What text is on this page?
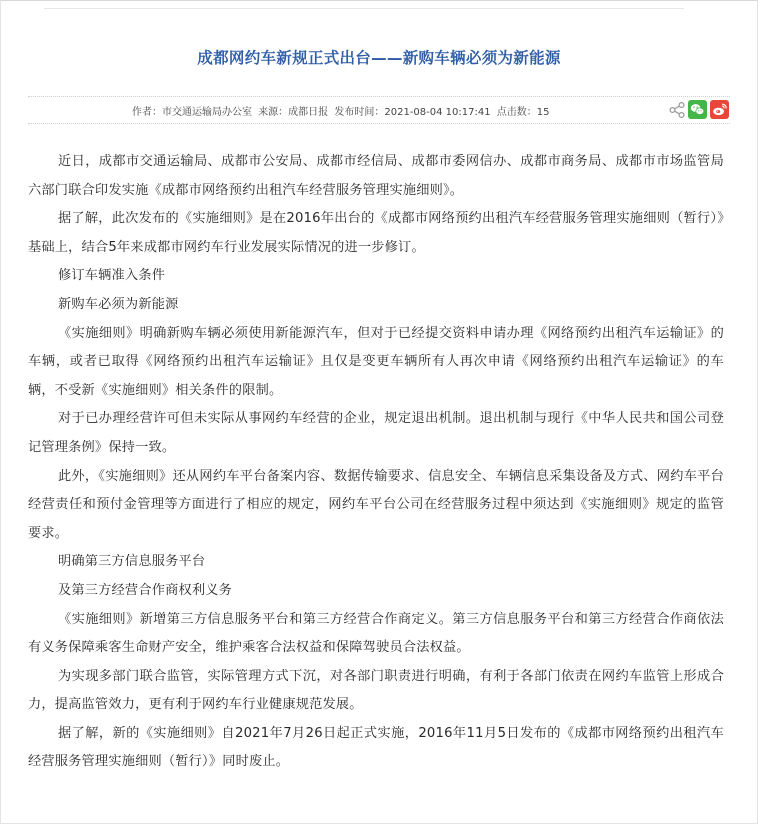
成都网约车新规正式出台——新购车辆必须为新能源
作者：市交通运输局办公室 来源：成都日报 发布时间：2021-08-04 10:17:41 点击数：15

近日，成都市交通运输局、成都市公安局、成都市经信局、成都市委网信办、成都市商务局、成都市市场监管局六部门联合印发实施《成都市网络预约出租汽车经营服务管理实施细则》。

据了解，此次发布的《实施细则》是在2016年出台的《成都市网络预约出租汽车经营服务管理实施细则（暂行）》基础上，结合5年来成都市网约车行业发展实际情况的进一步修订。

修订车辆准入条件

新购车必须为新能源

《实施细则》明确新购车辆必须使用新能源汽车，但对于已经提交资料申请办理《网络预约出租汽车运输证》的车辆，或者已取得《网络预约出租汽车运输证》且仅是变更车辆所有人再次申请《网络预约出租汽车运输证》的车辆，不受新《实施细则》相关条件的限制。

对于已办理经营许可但未实际从事网约车经营的企业，规定退出机制。退出机制与现行《中华人民共和国公司登记管理条例》保持一致。

此外，《实施细则》还从网约车平台备案内容、数据传输要求、信息安全、车辆信息采集设备及方式、网约车平台经营责任和预付金管理等方面进行了相应的规定，网约车平台公司在经营服务过程中须达到《实施细则》规定的监管要求。

明确第三方信息服务平台

及第三方经营合作商权利义务

《实施细则》新增第三方信息服务平台和第三方经营合作商定义。第三方信息服务平台和第三方经营合作商依法有义务保障乘客生命财产安全，维护乘客合法权益和保障驾驶员合法权益。

为实现多部门联合监管，实际管理方式下沉，对各部门职责进行明确，有利于各部门依责在网约车监管上形成合力，提高监管效力，更有利于网约车行业健康规范发展。

据了解，新的《实施细则》自2021年7月26日起正式实施，2016年11月5日发布的《成都市网络预约出租汽车经营服务管理实施细则（暂行）》同时废止。
